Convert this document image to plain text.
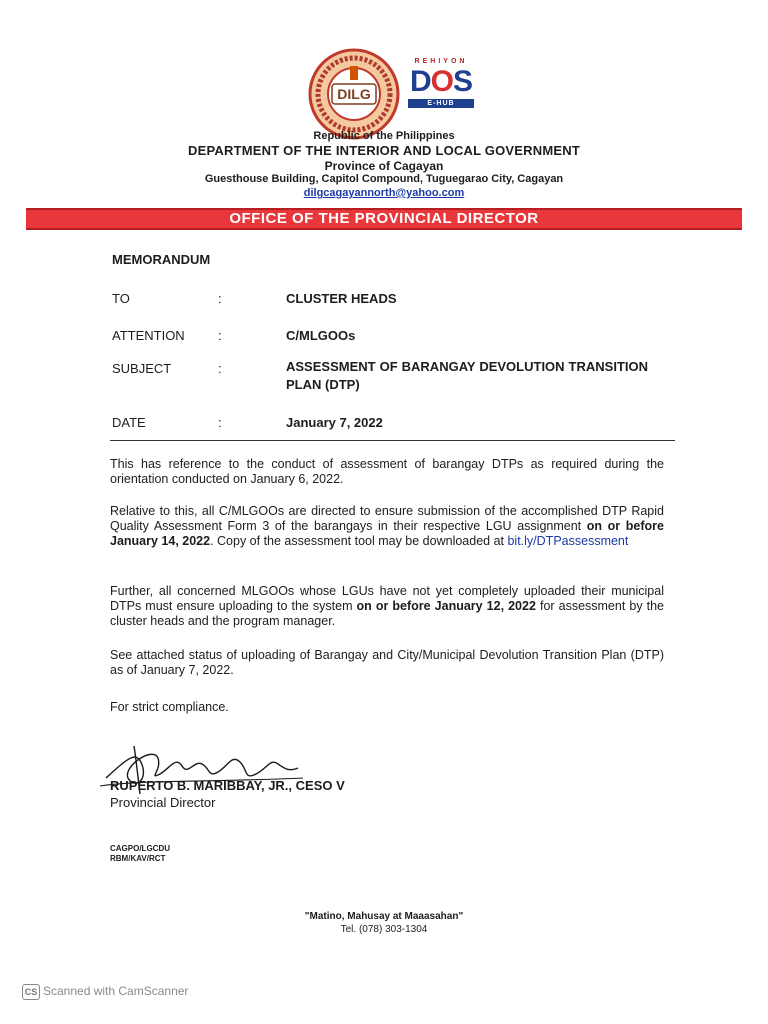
DILG
REHIYON
DOS
E-HUB
Republic of the Philippines
DEPARTMENT OF THE INTERIOR AND LOCAL GOVERNMENT
Province of Cagayan
Guesthouse Building, Capitol Compound, Tuguegarao City, Cagayan
dilgcagayannorth@yahoo.com
OFFICE OF THE PROVINCIAL DIRECTOR
MEMORANDUM
TO	:	CLUSTER HEADS
ATTENTION	:	C/MLGOOs
SUBJECT	:	ASSESSMENT OF BARANGAY DEVOLUTION TRANSITION PLAN (DTP)
DATE	:	January 7, 2022
This has reference to the conduct of assessment of barangay DTPs as required during the orientation conducted on January 6, 2022.
Relative to this, all C/MLGOOs are directed to ensure submission of the accomplished DTP Rapid Quality Assessment Form 3 of the barangays in their respective LGU assignment on or before January 14, 2022. Copy of the assessment tool may be downloaded at bit.ly/DTPassessment
Further, all concerned MLGOOs whose LGUs have not yet completely uploaded their municipal DTPs must ensure uploading to the system on or before January 12, 2022 for assessment by the cluster heads and the program manager.
See attached status of uploading of Barangay and City/Municipal Devolution Transition Plan (DTP) as of January 7, 2022.
For strict compliance.
RUPERTO B. MARIBBAY, JR., CESO V
Provincial Director
CAGPO/LGCDU
RBM/KAV/RCT
"Matino, Mahusay at Maaasahan"
Tel. (078) 303-1304
CS Scanned with CamScanner
